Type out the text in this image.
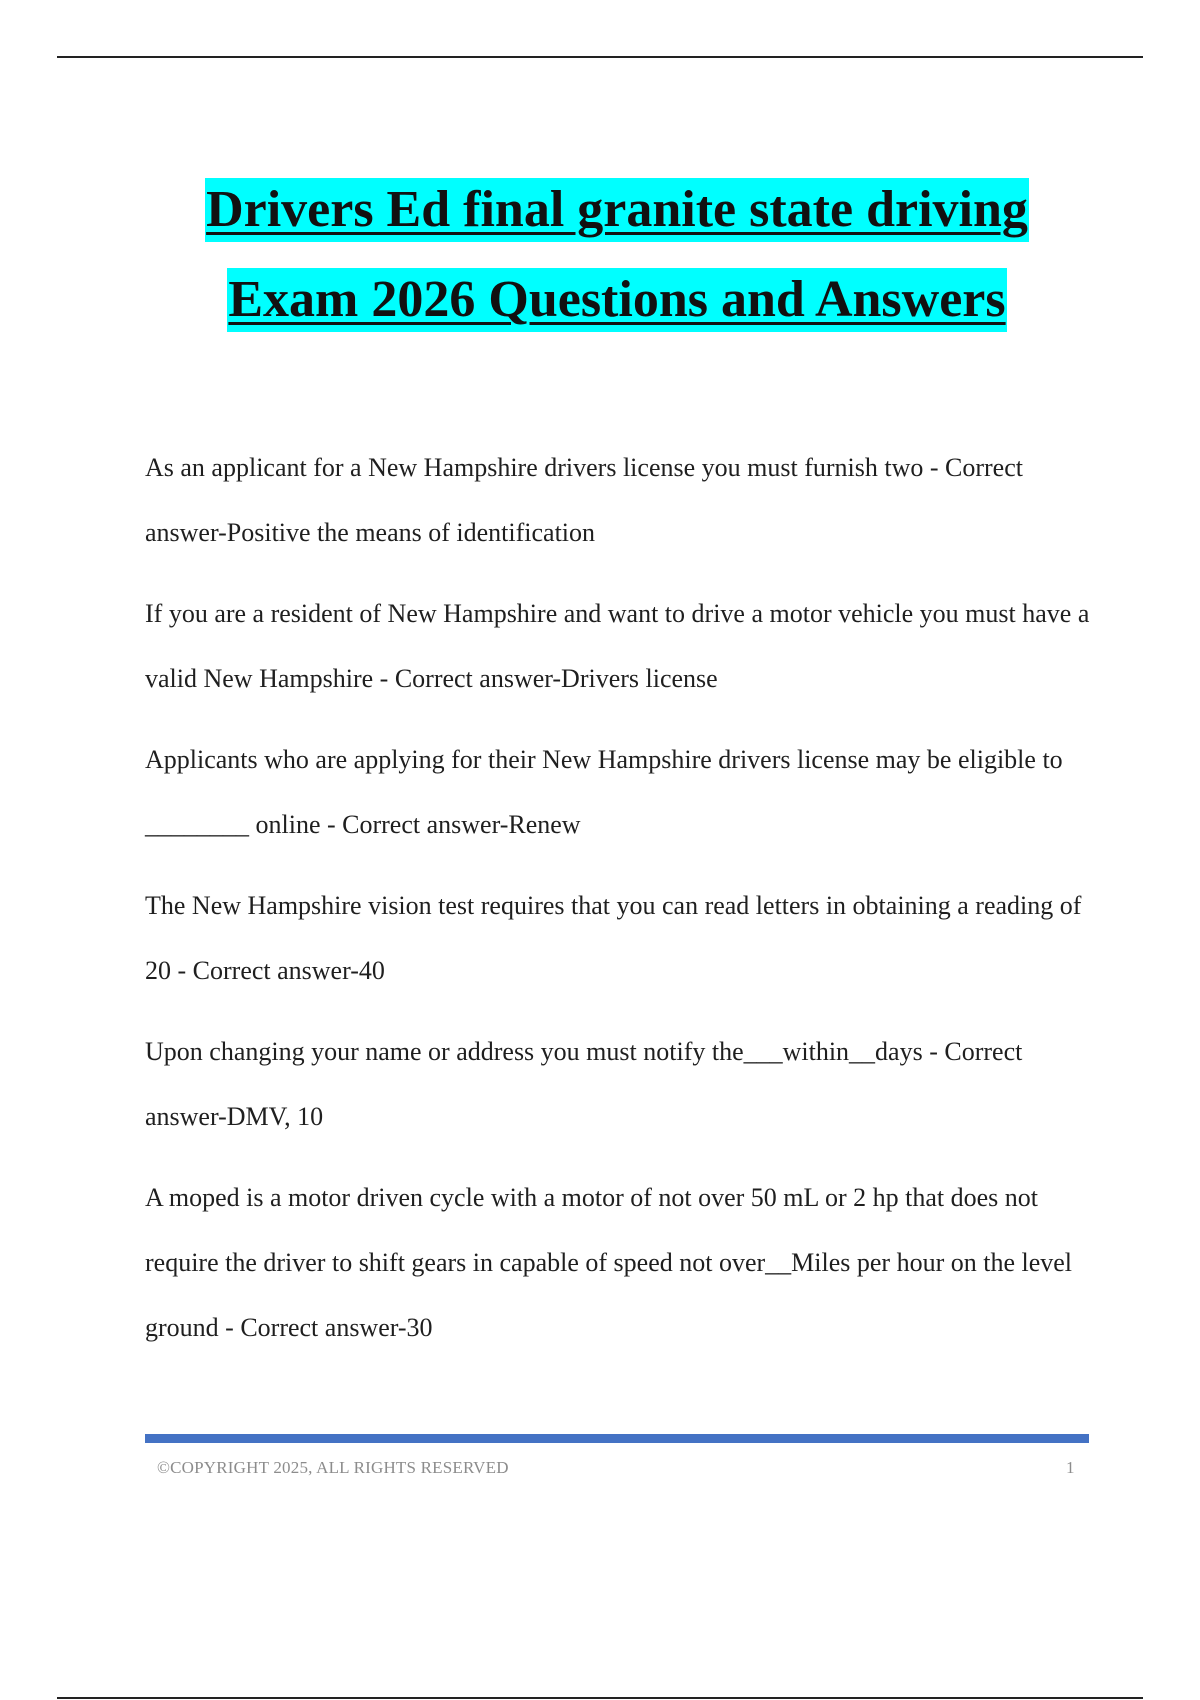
Drivers Ed final granite state driving
Exam 2026 Questions and Answers
As an applicant for a New Hampshire drivers license you must furnish two - Correct answer-Positive the means of identification
If you are a resident of New Hampshire and want to drive a motor vehicle you must have a valid New Hampshire - Correct answer-Drivers license
Applicants who are applying for their New Hampshire drivers license may be eligible to ________ online - Correct answer-Renew
The New Hampshire vision test requires that you can read letters in obtaining a reading of 20 - Correct answer-40
Upon changing your name or address you must notify the___within__days - Correct answer-DMV, 10
A moped is a motor driven cycle with a motor of not over 50 mL or 2 hp that does not require the driver to shift gears in capable of speed not over__Miles per hour on the level ground - Correct answer-30
©COPYRIGHT 2025, ALL RIGHTS RESERVED	1
